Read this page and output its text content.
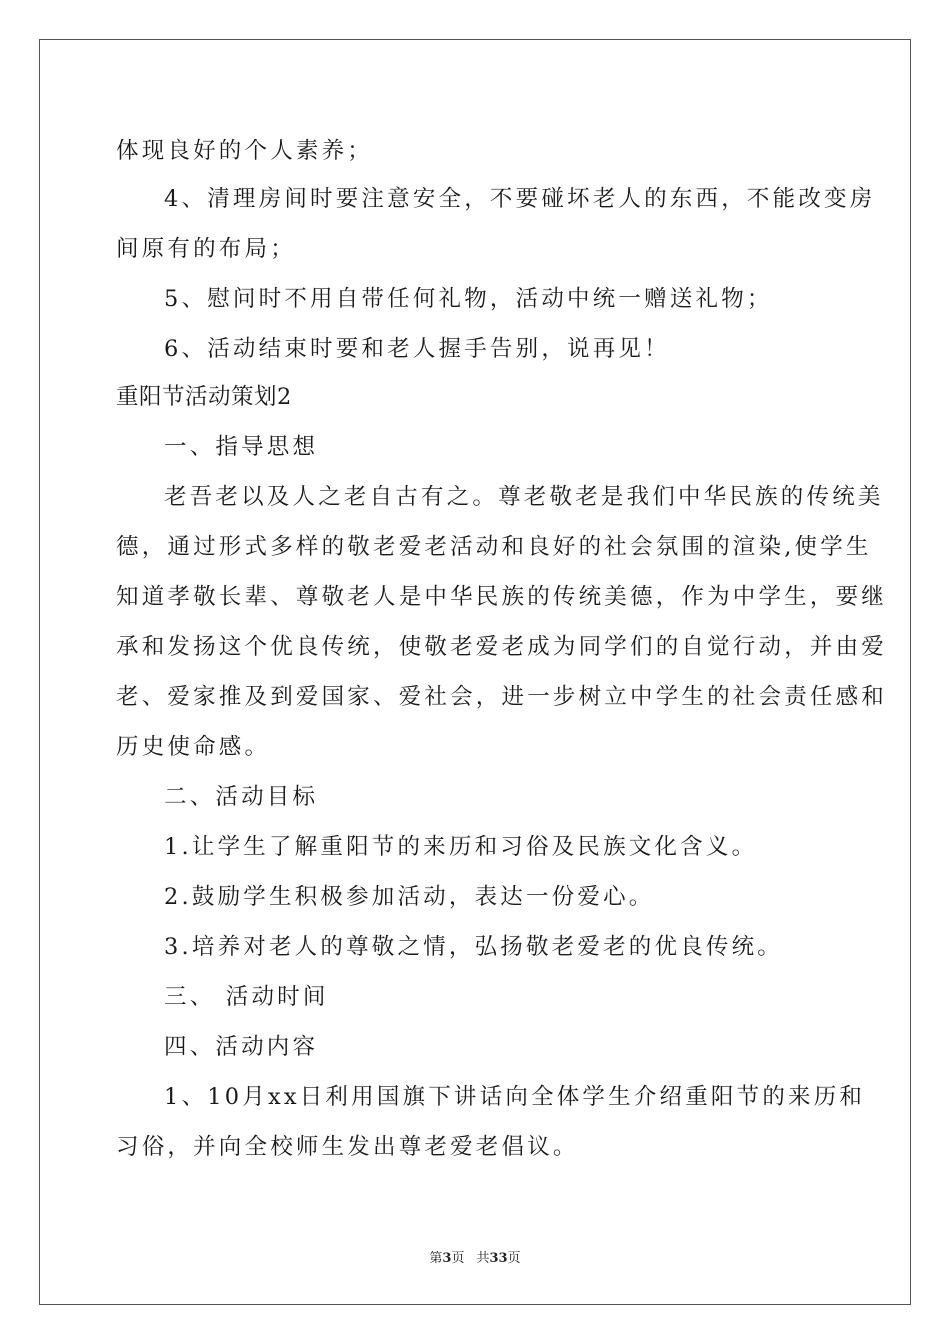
体现良好的个人素养；
4、清理房间时要注意安全，不要碰坏老人的东西，不能改变房
间原有的布局；
5、慰问时不用自带任何礼物，活动中统一赠送礼物；
6、活动结束时要和老人握手告别，说再见！
重阳节活动策划2
一、指导思想
老吾老以及人之老自古有之。尊老敬老是我们中华民族的传统美
德，通过形式多样的敬老爱老活动和良好的社会氛围的渲染,使学生
知道孝敬长辈、尊敬老人是中华民族的传统美德，作为中学生，要继
承和发扬这个优良传统，使敬老爱老成为同学们的自觉行动，并由爱
老、爱家推及到爱国家、爱社会，进一步树立中学生的社会责任感和
历史使命感。
二、活动目标
1.让学生了解重阳节的来历和习俗及民族文化含义。
2.鼓励学生积极参加活动，表达一份爱心。
3.培养对老人的尊敬之情，弘扬敬老爱老的优良传统。
三、 活动时间
四、活动内容
1、10月xx日利用国旗下讲话向全体学生介绍重阳节的来历和
习俗，并向全校师生发出尊老爱老倡议。
第3页 共33页
